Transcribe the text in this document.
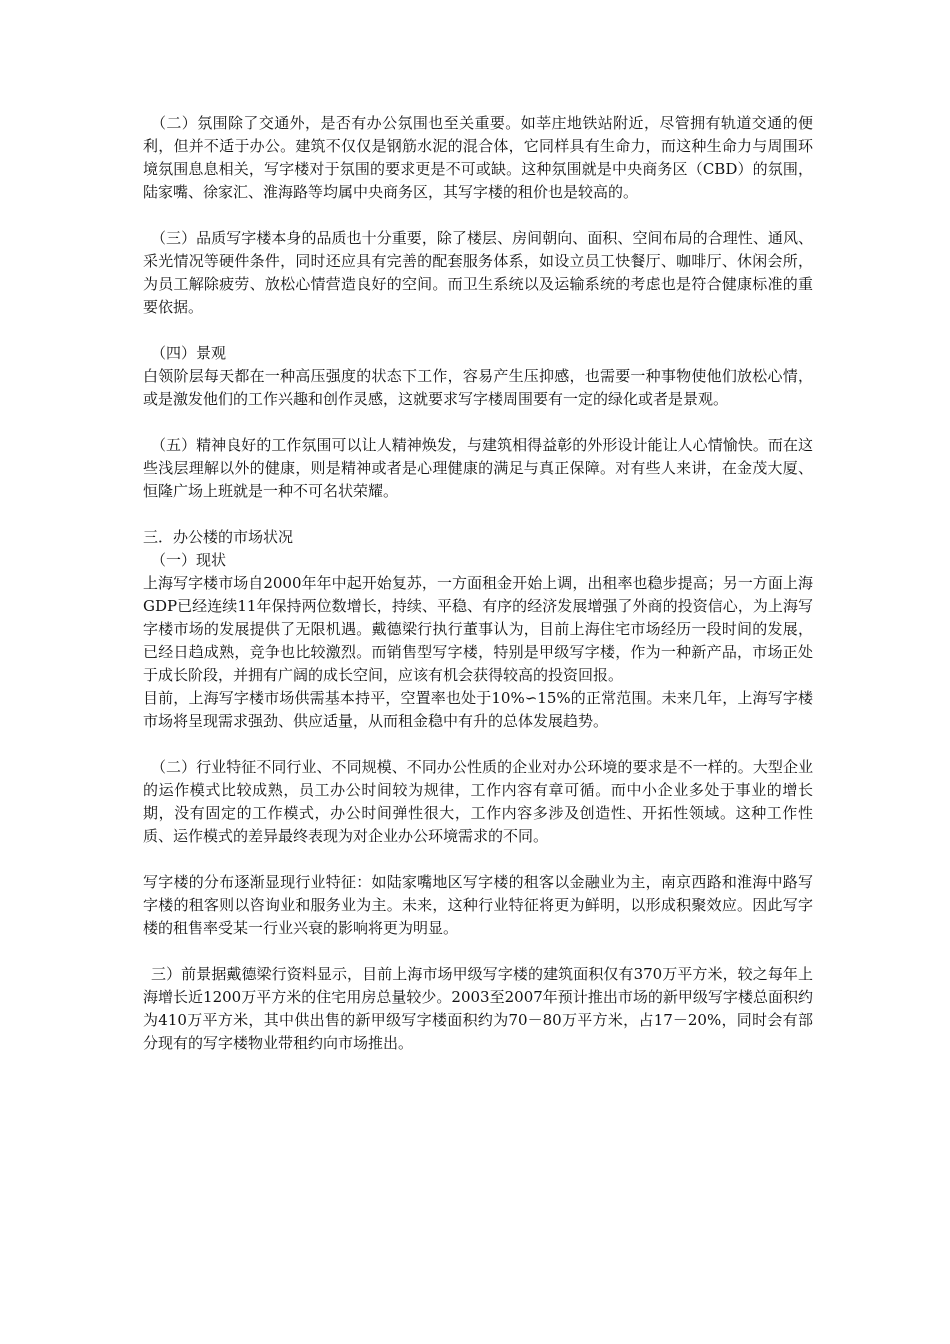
（二）氛围除了交通外，是否有办公氛围也至关重要。如莘庄地铁站附近，尽管拥有轨道交通的便利，但并不适于办公。建筑不仅仅是钢筋水泥的混合体，它同样具有生命力，而这种生命力与周围环境氛围息息相关，写字楼对于氛围的要求更是不可或缺。这种氛围就是中央商务区（CBD）的氛围，陆家嘴、徐家汇、淮海路等均属中央商务区，其写字楼的租价也是较高的。

（三）品质写字楼本身的品质也十分重要，除了楼层、房间朝向、面积、空间布局的合理性、通风、采光情况等硬件条件，同时还应具有完善的配套服务体系，如设立员工快餐厅、咖啡厅、休闲会所，为员工解除疲劳、放松心情营造良好的空间。而卫生系统以及运输系统的考虑也是符合健康标准的重要依据。

（四）景观

白领阶层每天都在一种高压强度的状态下工作，容易产生压抑感，也需要一种事物使他们放松心情，或是激发他们的工作兴趣和创作灵感，这就要求写字楼周围要有一定的绿化或者是景观。

（五）精神良好的工作氛围可以让人精神焕发，与建筑相得益彰的外形设计能让人心情愉快。而在这些浅层理解以外的健康，则是精神或者是心理健康的满足与真正保障。对有些人来讲，在金茂大厦、恒隆广场上班就是一种不可名状荣耀。

三．办公楼的市场状况

（一）现状

上海写字楼市场自2000年年中起开始复苏，一方面租金开始上调，出租率也稳步提高；另一方面上海GDP已经连续11年保持两位数增长，持续、平稳、有序的经济发展增强了外商的投资信心，为上海写字楼市场的发展提供了无限机遇。戴德梁行执行董事认为，目前上海住宅市场经历一段时间的发展，已经日趋成熟，竞争也比较激烈。而销售型写字楼，特别是甲级写字楼，作为一种新产品，市场正处于成长阶段，并拥有广阔的成长空间，应该有机会获得较高的投资回报。

目前，上海写字楼市场供需基本持平，空置率也处于10%∽15%的正常范围。未来几年，上海写字楼市场将呈现需求强劲、供应适量，从而租金稳中有升的总体发展趋势。

（二）行业特征不同行业、不同规模、不同办公性质的企业对办公环境的要求是不一样的。大型企业的运作模式比较成熟，员工办公时间较为规律，工作内容有章可循。而中小企业多处于事业的增长期，没有固定的工作模式，办公时间弹性很大，工作内容多涉及创造性、开拓性领域。这种工作性质、运作模式的差异最终表现为对企业办公环境需求的不同。

写字楼的分布逐渐显现行业特征：如陆家嘴地区写字楼的租客以金融业为主，南京西路和淮海中路写字楼的租客则以咨询业和服务业为主。未来，这种行业特征将更为鲜明，以形成积聚效应。因此写字楼的租售率受某一行业兴衰的影响将更为明显。

三）前景据戴德梁行资料显示，目前上海市场甲级写字楼的建筑面积仅有370万平方米，较之每年上海增长近1200万平方米的住宅用房总量较少。2003至2007年预计推出市场的新甲级写字楼总面积约为410万平方米，其中供出售的新甲级写字楼面积约为70－80万平方米，占17－20%，同时会有部分现有的写字楼物业带租约向市场推出。
